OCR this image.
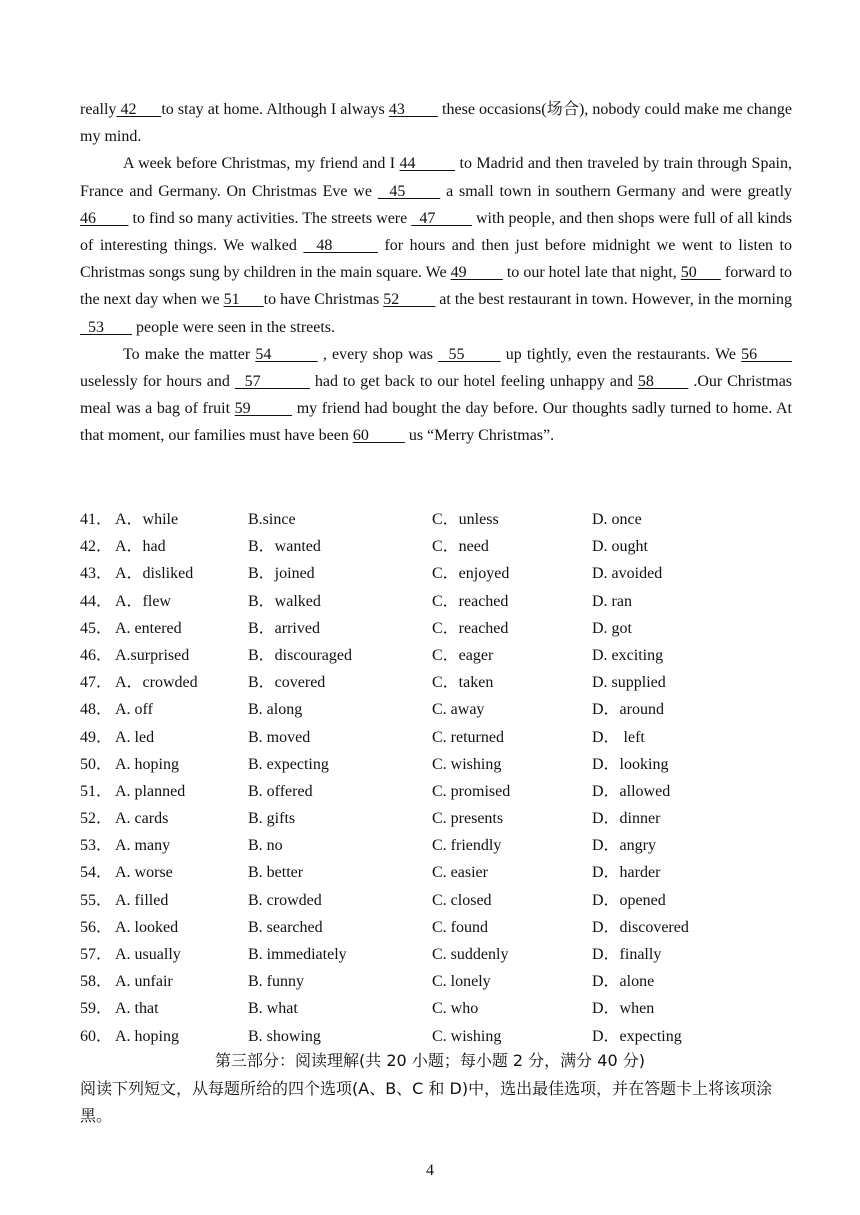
really 42      to stay at home. Although I always 43         these occasions(场合), nobody could make me change my mind.

A week before Christmas, my friend and I 44          to Madrid and then traveled by train through Spain, France and Germany. On Christmas Eve we   45       a small town in southern Germany and were greatly 46         to find so many activities. The streets were   47          with people, and then shops were full of all kinds of interesting things. We walked   48        for hours and then just before midnight we went to listen to Christmas songs sung by children in the main square. We 49          to our hotel late that night, 50       forward to the next day when we 51      to have Christmas 52          at the best restaurant in town. However, in the morning   53        people were seen in the streets.

To make the matter 54          , every shop was   55        up tightly, even the restaurants. We 56        uselessly for hours and   57           had to get back to our hotel feeling unhappy and 58        .Our Christmas meal was a bag of fruit 59          my friend had bought the day before. Our thoughts sadly turned to home. At that moment, our families must have been 60          us “Merry Christmas”.

41． A．while	B.since	C．unless	D. once
42． A．had	B．wanted	C．need	D. ought
43． A．disliked	B．joined	C．enjoyed	D. avoided
44． A．flew	B．walked	C．reached	D. ran
45． A. entered	B．arrived	C．reached	D. got
46． A.surprised	B．discouraged	C．eager	D. exciting
47． A．crowded	B．covered	C．taken	D. supplied
48． A. off	B. along	C. away	D．around
49． A. led	B. moved	C. returned	D． left
50． A. hoping	B. expecting	C. wishing	D．looking
51． A. planned	B. offered	C. promised	D．allowed
52． A. cards	B. gifts	C. presents	D．dinner
53． A. many	B. no	C. friendly	D．angry
54． A. worse	B. better	C. easier	D．harder
55． A. filled	B. crowded	C. closed	D．opened
56． A. looked	B. searched	C. found	D．discovered
57． A. usually	B. immediately	C. suddenly	D．finally
58． A. unfair	B. funny	C. lonely	D．alone
59． A. that	B. what	C. who	D．when
60． A. hoping	B. showing	C. wishing	D．expecting
第三部分：阅读理解(共 20 小题；每小题 2 分，满分 40 分)

阅读下列短文，从每题所给的四个选项(A、B、C 和 D)中，选出最佳选项，并在答题卡上将该项涂黑。

4
